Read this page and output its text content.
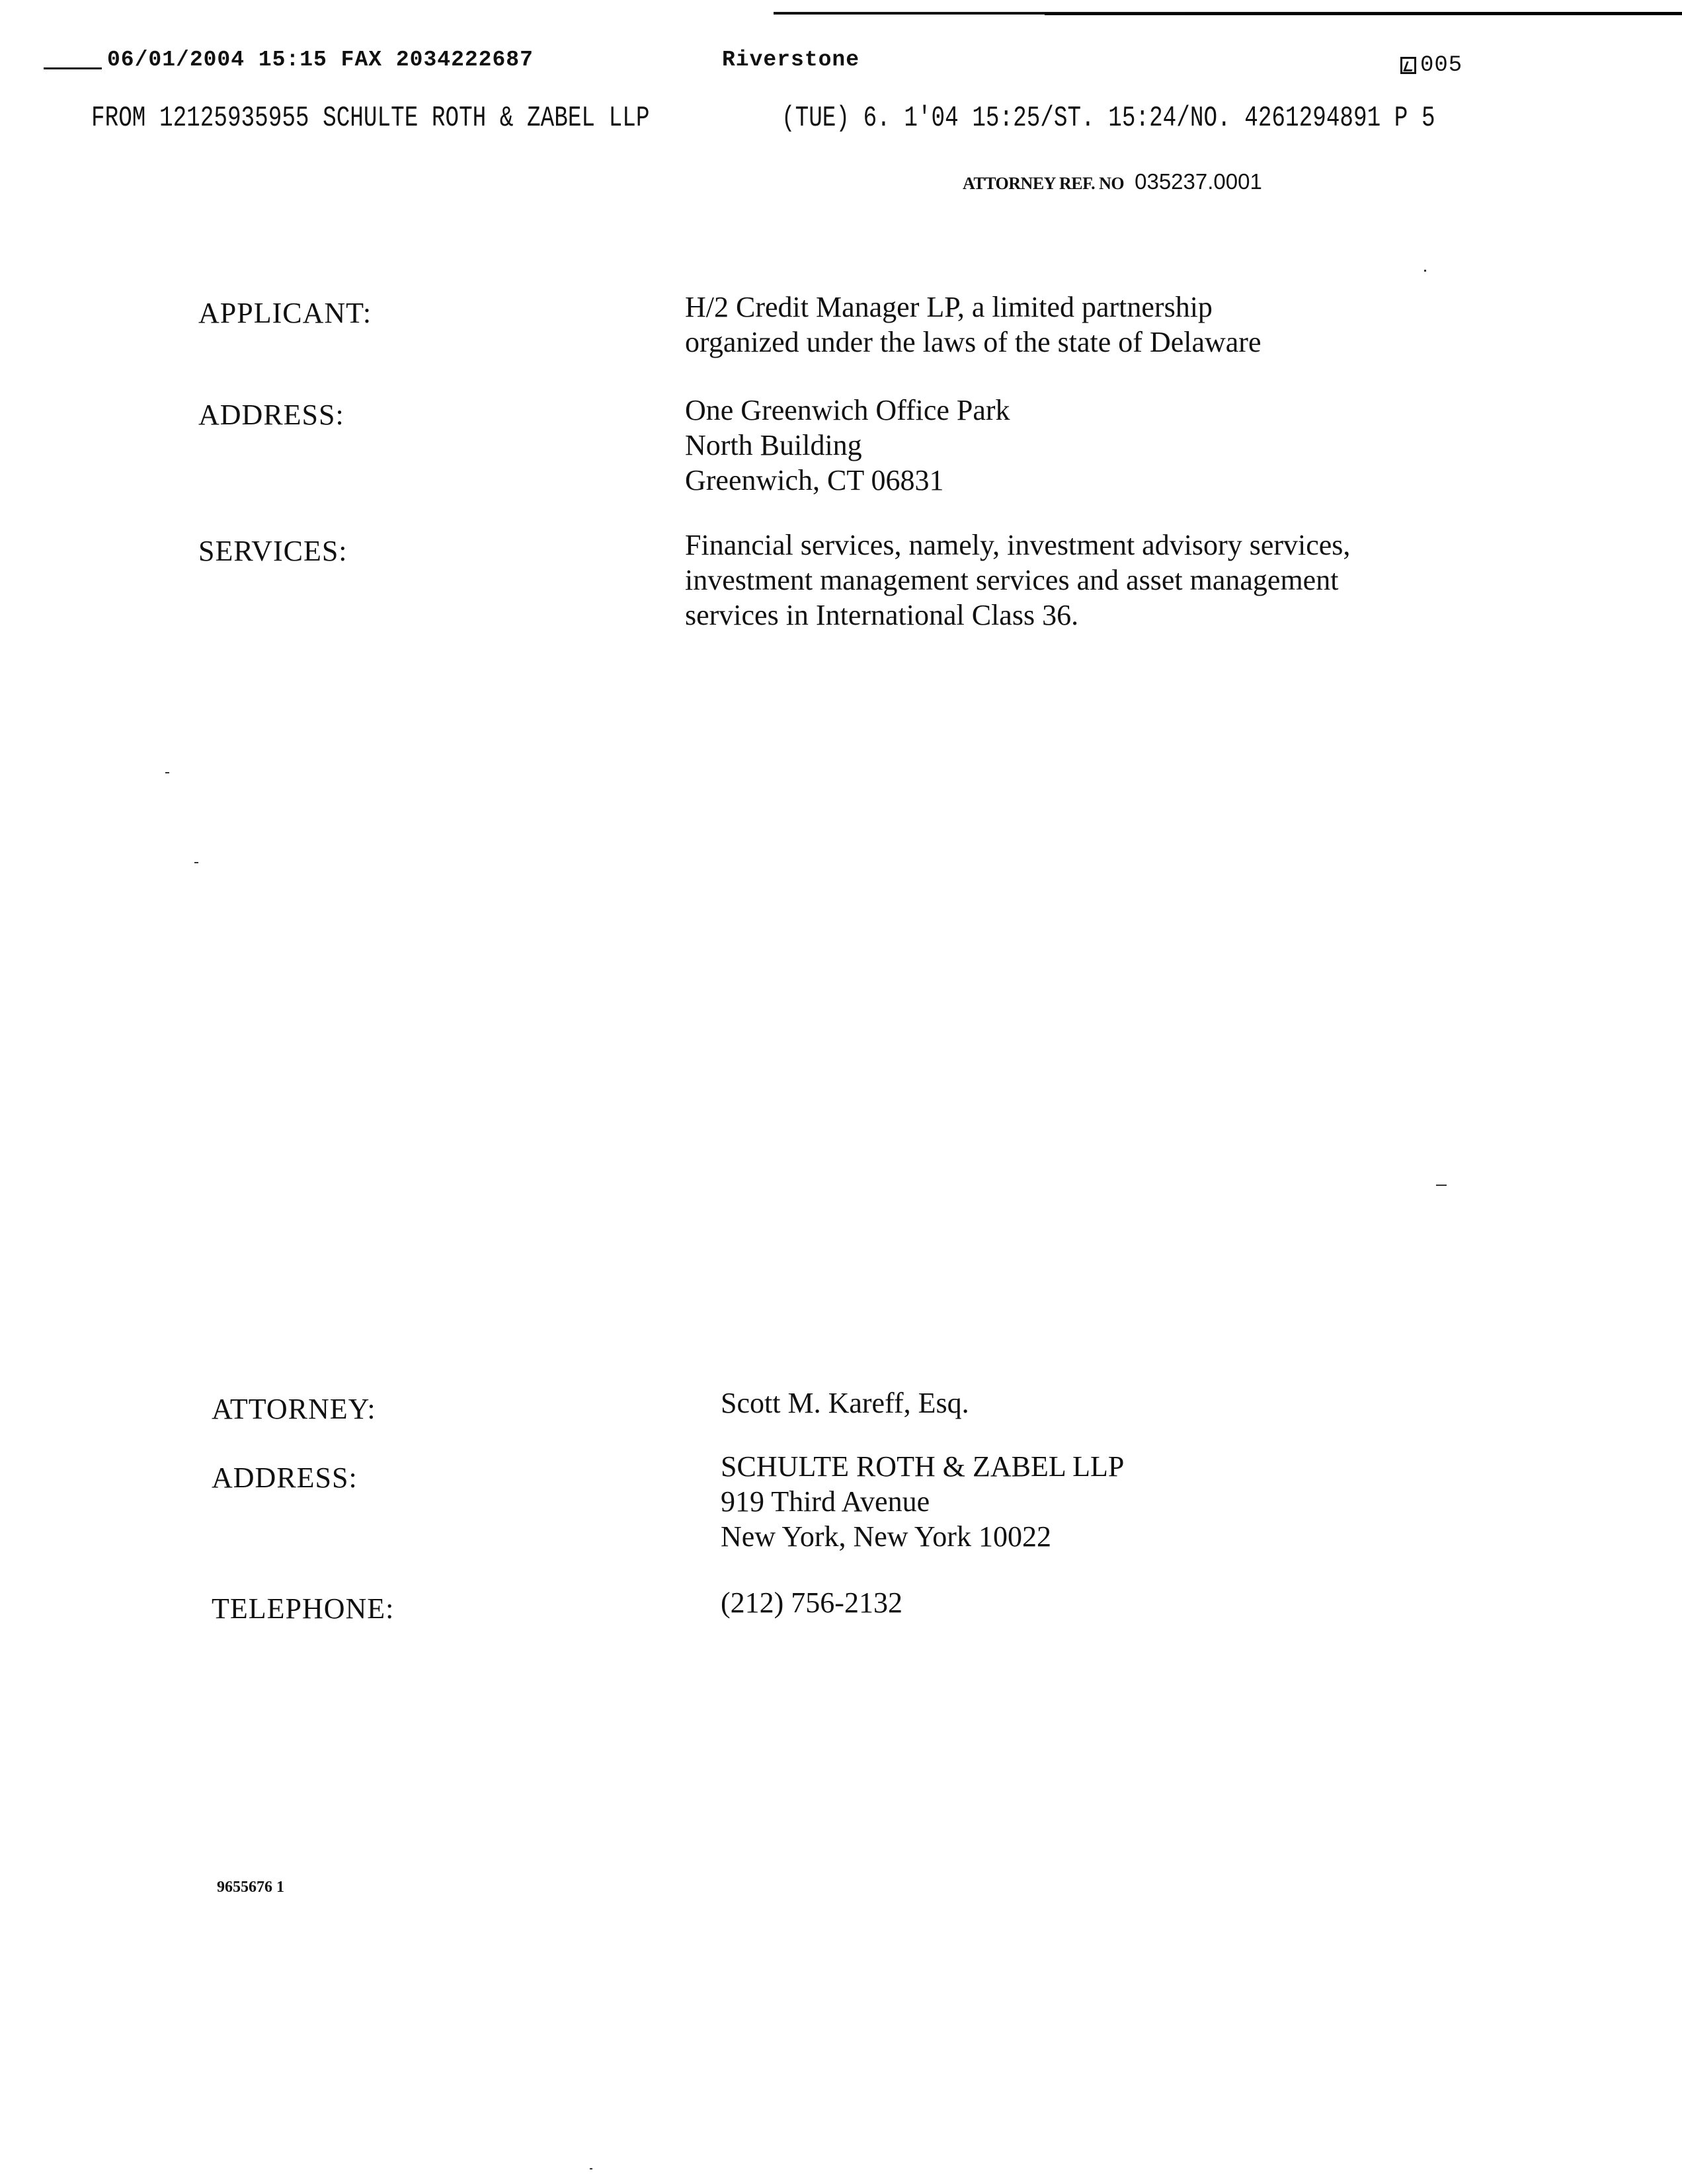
06/01/2004 15:15 FAX 2034222687	Riverstone	005
FROM 12125935955 SCHULTE ROTH & ZABEL LLP	(TUE) 6. 1'04 15:25/ST. 15:24/NO. 4261294891 P 5
ATTORNEY REF. NO 035237.0001
APPLICANT:	H/2 Credit Manager LP, a limited partnership
organized under the laws of the state of Delaware
ADDRESS:	One Greenwich Office Park
North Building
Greenwich, CT 06831
SERVICES:	Financial services, namely, investment advisory services,
investment management services and asset management
services in International Class 36.
ATTORNEY:	Scott M. Kareff, Esq.
ADDRESS:	SCHULTE ROTH & ZABEL LLP
919 Third Avenue
New York, New York 10022
TELEPHONE:	(212) 756-2132
9655676 1
